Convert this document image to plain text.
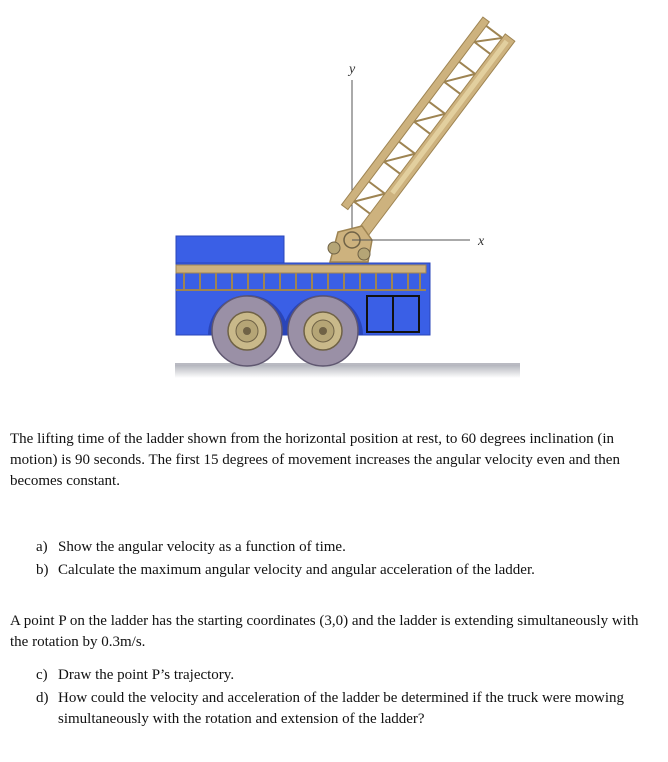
y
x

The lifting time of the ladder shown from the horizontal position at rest, to 60 degrees inclination (in motion) is 90 seconds. The first 15 degrees of movement increases the angular velocity even and then becomes constant.

a) Show the angular velocity as a function of time.
b) Calculate the maximum angular velocity and angular acceleration of the ladder.

A point P on the ladder has the starting coordinates (3,0) and the ladder is extending simultaneously with the rotation by 0.3m/s.

c) Draw the point P’s trajectory.
d) How could the velocity and acceleration of the ladder be determined if the truck were mowing simultaneously with the rotation and extension of the ladder?
